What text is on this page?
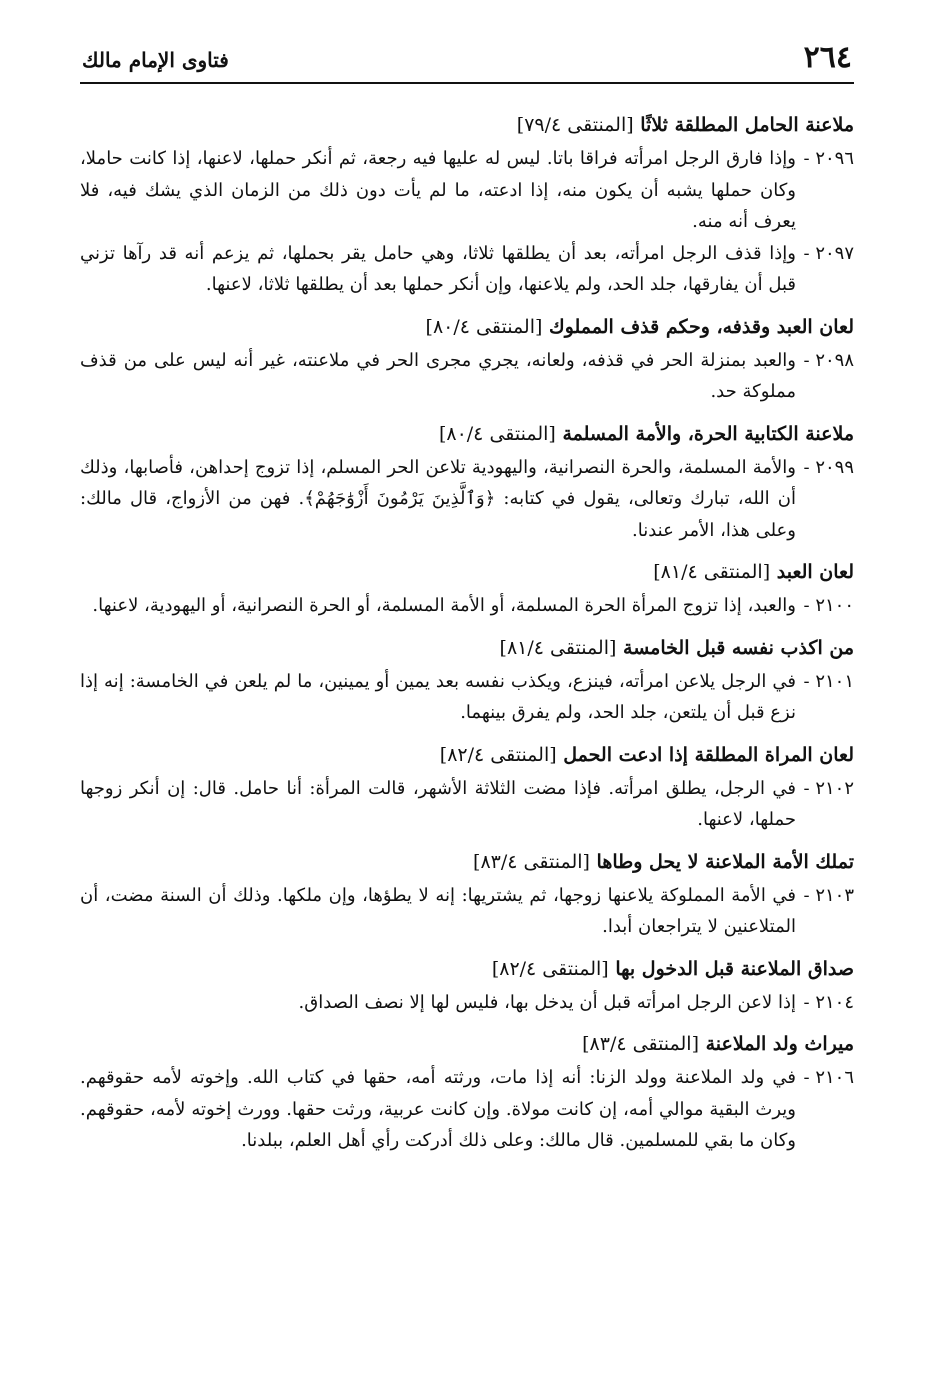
٢٦٤
فتاوى الإمام مالك
ملاعنة الحامل المطلقة ثلاثًا [المنتقى ٧٩/٤]
٢٠٩٦ -
وإذا فارق الرجل امرأته فراقا باتا. ليس له عليها فيه رجعة، ثم أنكر حملها، لاعنها، إذا كانت حاملا، وكان حملها يشبه أن يكون منه، إذا ادعته، ما لم يأت دون ذلك من الزمان الذي يشك فيه، فلا يعرف أنه منه.
٢٠٩٧ -
وإذا قذف الرجل امرأته، بعد أن يطلقها ثلاثا، وهي حامل يقر بحملها، ثم يزعم أنه قد رآها تزني قبل أن يفارقها، جلد الحد، ولم يلاعنها، وإن أنكر حملها بعد أن يطلقها ثلاثا، لاعنها.
لعان العبد وقذفه، وحكم قذف المملوك [المنتقى ٨٠/٤]
٢٠٩٨ -
والعبد بمنزلة الحر في قذفه، ولعانه، يجري مجرى الحر في ملاعنته، غير أنه ليس على من قذف مملوكة حد.
ملاعنة الكتابية الحرة، والأمة المسلمة [المنتقى ٨٠/٤]
٢٠٩٩ -
والأمة المسلمة، والحرة النصرانية، واليهودية تلاعن الحر المسلم، إذا تزوج إحداهن، فأصابها، وذلك أن الله، تبارك وتعالى، يقول في كتابه: ﴿وَٱلَّذِينَ يَرْمُونَ أَزْوَٰجَهُمْ﴾. فهن من الأزواج، قال مالك: وعلى هذا، الأمر عندنا.
لعان العبد [المنتقى ٨١/٤]
٢١٠٠ -
والعبد، إذا تزوج المرأة الحرة المسلمة، أو الأمة المسلمة، أو الحرة النصرانية، أو اليهودية، لاعنها.
من اكذب نفسه قبل الخامسة [المنتقى ٨١/٤]
٢١٠١ -
في الرجل يلاعن امرأته، فينزع، ويكذب نفسه بعد يمين أو يمينين، ما لم يلعن في الخامسة: إنه إذا نزع قبل أن يلتعن، جلد الحد، ولم يفرق بينهما.
لعان المراة المطلقة إذا ادعت الحمل [المنتقى ٨٢/٤]
٢١٠٢ -
في الرجل، يطلق امرأته. فإذا مضت الثلاثة الأشهر، قالت المرأة: أنا حامل. قال: إن أنكر زوجها حملها، لاعنها.
تملك الأمة الملاعنة لا يحل وطاها [المنتقى ٨٣/٤]
٢١٠٣ -
في الأمة المملوكة يلاعنها زوجها، ثم يشتريها: إنه لا يطؤها، وإن ملكها. وذلك أن السنة مضت، أن المتلاعنين لا يتراجعان أبدا.
صداق الملاعنة قبل الدخول بها [المنتقى ٨٢/٤]
٢١٠٤ -
إذا لاعن الرجل امرأته قبل أن يدخل بها، فليس لها إلا نصف الصداق.
ميراث ولد الملاعنة [المنتقى ٨٣/٤]
٢١٠٦ -
في ولد الملاعنة وولد الزنا: أنه إذا مات، ورثته أمه، حقها في كتاب الله. وإخوته لأمه حقوقهم. ويرث البقية موالي أمه، إن كانت مولاة. وإن كانت عربية، ورثت حقها. وورث إخوته لأمه، حقوقهم. وكان ما بقي للمسلمين. قال مالك: وعلى ذلك أدركت رأي أهل العلم، ببلدنا.
